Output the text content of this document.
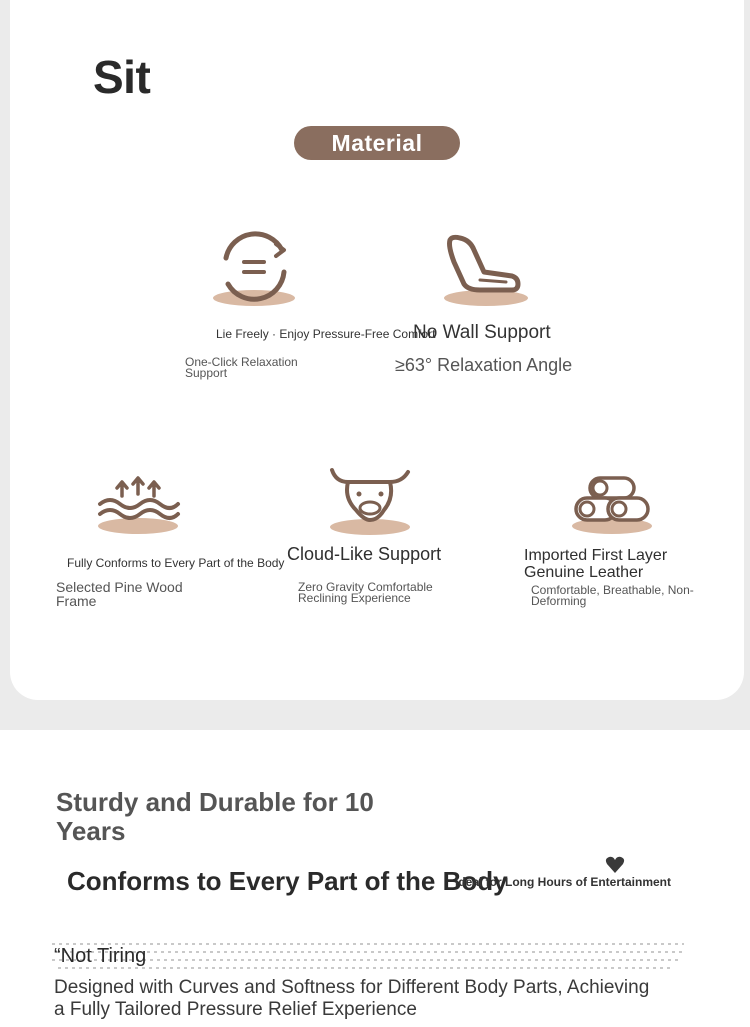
Sit
Material
Lie Freely · Enjoy Pressure-Free Comfort
One-Click Relaxation Support
No Wall Support
≥63° Relaxation Angle
Fully Conforms to Every Part of the Body
Selected Pine Wood Frame
Cloud-Like Support
Zero Gravity Comfortable Reclining Experience
Imported First Layer Genuine Leather
Comfortable, Breathable, Non-Deforming
Sturdy and Durable for 10 Years
Conforms to Every Part of the Body
Ideal for Long Hours of Entertainment
“Not Tiring
Designed with Curves and Softness for Different Body Parts, Achieving a Fully Tailored Pressure Relief Experience
